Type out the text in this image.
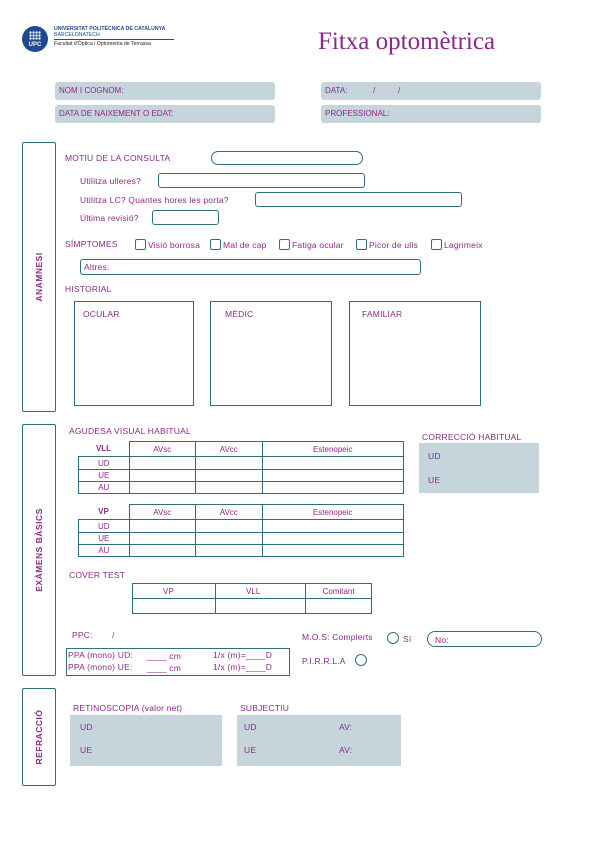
UPC
UNIVERSITAT POLITÈCNICA DE CATALUNYA
BARCELONATECH
Facultat d'Òptica i Optometria de Terrassa	Fitxa optomètrica
NOM I COGNOM:	DATA:	/	/
DATA DE NAIXEMENT O EDAT:	PROFESSIONAL:
ANAMNESI
MOTIU DE LA CONSULTA
Utilitza ulleres?
Utilitza LC? Quantes hores les porta?
Última revisió?
SÍMPTOMES	Visió borrosa	Mal de cap	Fatiga ocular	Picor de ulls	Lagrimeix
Altres:
HISTORIAL
OCULAR	MÈDIC	FAMILIAR
EXÀMENS BÀSICS
AGUDESA VISUAL HABITUAL
VLL	AVsc	AVcc	Estenopeic
UD			
UE			
AU			
VP	AVsc	AVcc	Estenopeic
UD			
UE			
AU			
CORRECCIÓ HABITUAL
UD
UE
COVER TEST
VP	VLL	Comitant

PPC: /
PPA (mono) UD: ____ cm	1/x (m)=____D
PPA (mono) UE: ____ cm	1/x (m)=____D
M.O.S: Complerts	Sí	No:
P.I.R.R.L.A
REFRACCIÓ
RETINOSCOPIA (valor net)
UD
UE
SUBJECTIU
UD	AV:
UE	AV:
